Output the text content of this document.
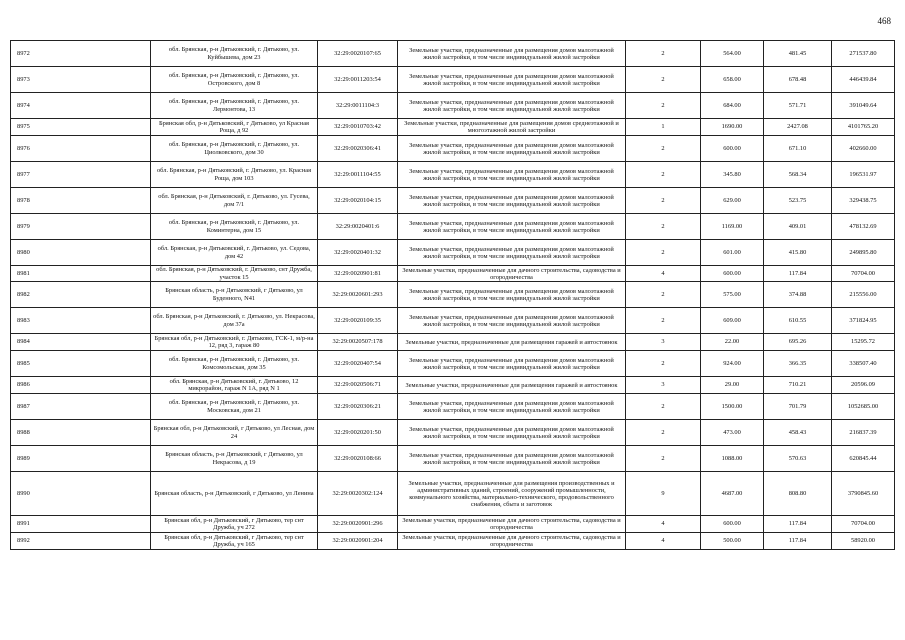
468
8972	обл. Брянская, р-н Дятьковский, г. Дятьково, ул. Куйбышева, дом 23	32:29:0020107:65	Земельные участки, предназначенные для размещения домов малоэтажной жилой застройки, в том числе индивидуальной жилой застройки	2	564.00	481.45	271537.80
8973	обл. Брянская, р-н Дятьковский, г. Дятьково, ул. Островского, дом 8	32:29:0011203:54	Земельные участки, предназначенные для размещения домов малоэтажной жилой застройки, в том числе индивидуальной жилой застройки	2	658.00	678.48	446439.84
8974	обл. Брянская, р-н Дятьковский, г. Дятьково, ул. Лермонтова, 13	32:29:0011104:3	Земельные участки, предназначенные для размещения домов малоэтажной жилой застройки, в том числе индивидуальной жилой застройки	2	684.00	571.71	391049.64
8975	Брянская обл, р-н Дятьковский, г Дятьково, ул Красная Роща, д 92	32:29:0010703:42	Земельные участки, предназначенные для размещения домов среднеэтажной и многоэтажной жилой застройки	1	1690.00	2427.08	4101765.20
8976	обл. Брянская, р-н Дятьковский, г. Дятьково, ул. Циолковского, дом 30	32:29:0020306:41	Земельные участки, предназначенные для размещения домов малоэтажной жилой застройки, в том числе индивидуальной жилой застройки	2	600.00	671.10	402660.00
8977	обл. Брянская, р-н Дятьковский, г. Дятьково, ул. Красная Роща, дом 103	32:29:0011104:55	Земельные участки, предназначенные для размещения домов малоэтажной жилой застройки, в том числе индивидуальной жилой застройки	2	345.80	568.34	196531.97
8978	обл. Брянская, р-н Дятьковский, г. Дятьково, ул. Гусева, дом 7/1	32:29:0020104:15	Земельные участки, предназначенные для размещения домов малоэтажной жилой застройки, в том числе индивидуальной жилой застройки	2	629.00	523.75	329438.75
8979	обл. Брянская, р-н Дятьковский, г. Дятьково, ул. Коминтерна, дом 15	32:29:0020401:6	Земельные участки, предназначенные для размещения домов малоэтажной жилой застройки, в том числе индивидуальной жилой застройки	2	1169.00	409.01	478132.69
8980	обл. Брянская, р-н Дятьковский, г. Дятьково, ул. Седова, дом 42	32:29:0020401:32	Земельные участки, предназначенные для размещения домов малоэтажной жилой застройки, в том числе индивидуальной жилой застройки	2	601.00	415.80	249895.80
8981	обл. Брянская, р-н Дятьковский, г. Дятьково, снт Дружба, участок 15	32:29:0020901:81	Земельные участки, предназначенные для дачного строительства, садоводства и огородничества	4	600.00	117.84	70704.00
8982	Брянская область, р-н Дятьковский, г Дятьково, ул Буденного, N41	32:29:0020601:293	Земельные участки, предназначенные для размещения домов малоэтажной жилой застройки, в том числе индивидуальной жилой застройки	2	575.00	374.88	215556.00
8983	обл. Брянская, р-н Дятьковский, г. Дятьково, ул. Некрасова, дом 37а	32:29:0020109:35	Земельные участки, предназначенные для размещения домов малоэтажной жилой застройки, в том числе индивидуальной жилой застройки	2	609.00	610.55	371824.95
8984	Брянская обл, р-н Дятьковский, г. Дятьково, ГСК-1, м/р-на 12, ряд 3, гараж 80	32:29:0020507:178	Земельные участки, предназначенные для размещения гаражей и автостоянок	3	22.00	695.26	15295.72
8985	обл. Брянская, р-н Дятьковский, г. Дятьково, ул. Комсомольская, дом 35	32:29:0020407:54	Земельные участки, предназначенные для размещения домов малоэтажной жилой застройки, в том числе индивидуальной жилой застройки	2	924.00	366.35	338507.40
8986	обл. Брянская, р-н Дятьковский, г. Дятьково, 12 микрорайон, гараж N 1А, ряд N 1	32:29:0020506:71	Земельные участки, предназначенные для размещения гаражей и автостоянок	3	29.00	710.21	20596.09
8987	обл. Брянская, р-н Дятьковский, г. Дятьково, ул. Московская, дом 21	32:29:0020306:21	Земельные участки, предназначенные для размещения домов малоэтажной жилой застройки, в том числе индивидуальной жилой застройки	2	1500.00	701.79	1052685.00
8988	Брянская обл, р-н Дятьковский, г Дятьково, ул Лесная, дом 24	32:29:0020201:50	Земельные участки, предназначенные для размещения домов малоэтажной жилой застройки, в том числе индивидуальной жилой застройки	2	473.00	458.43	216837.39
8989	Брянская область, р-н Дятьковский, г Дятьково, ул Некрасова, д 19	32:29:0020108:66	Земельные участки, предназначенные для размещения домов малоэтажной жилой застройки, в том числе индивидуальной жилой застройки	2	1088.00	570.63	620845.44
8990	Брянская область, р-н Дятьковский, г Дятьково, ул Ленина	32:29:0020302:124	Земельные участки, предназначенные для размещения производственных и административных зданий, строений, сооружений промышленности, коммунального хозяйства, материально-технического, продовольственного снабжения, сбыта и заготовок	9	4687.00	808.80	3790845.60
8991	Брянская обл, р-н Дятьковский, г Дятьково, тер снт Дружба, уч 272	32:29:0020901:296	Земельные участки, предназначенные для дачного строительства, садоводства и огородничества	4	600.00	117.84	70704.00
8992	Брянская обл, р-н Дятьковский, г Дятьково, тер снт Дружба, уч 165	32:29:0020901:204	Земельные участки, предназначенные для дачного строительства, садоводства и огородничества	4	500.00	117.84	58920.00
